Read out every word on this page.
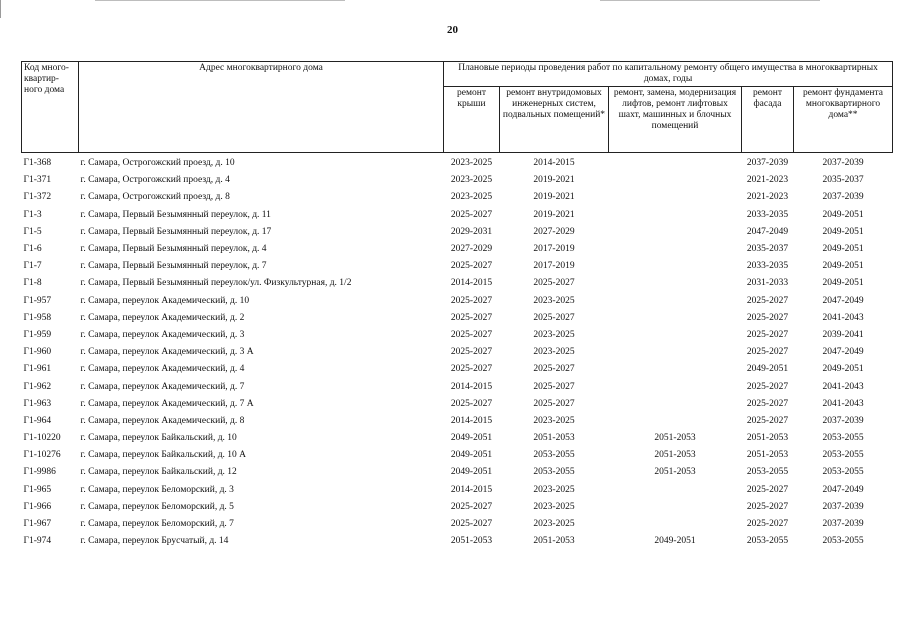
20
Код много-квартир-ного дома	Адрес многоквартирного дома	Плановые периоды проведения работ по капитальному ремонту общего имущества в многоквартирных домах, годы				
		ремонт крыши	ремонт внутридомовых инженерных систем, подвальных помещений*	ремонт, замена, модернизация лифтов, ремонт лифтовых шахт, машинных и блочных помещений	ремонт фасада	ремонт фундамента многоквартирного дома**
Г1-368	г. Самара, Острогожский проезд, д. 10	2023-2025	2014-2015		2037-2039	2037-2039
Г1-371	г. Самара, Острогожский проезд, д. 4	2023-2025	2019-2021		2021-2023	2035-2037
Г1-372	г. Самара, Острогожский проезд, д. 8	2023-2025	2019-2021		2021-2023	2037-2039
Г1-3	г. Самара, Первый Безымянный переулок, д. 11	2025-2027	2019-2021		2033-2035	2049-2051
Г1-5	г. Самара, Первый Безымянный переулок, д. 17	2029-2031	2027-2029		2047-2049	2049-2051
Г1-6	г. Самара, Первый Безымянный переулок, д. 4	2027-2029	2017-2019		2035-2037	2049-2051
Г1-7	г. Самара, Первый Безымянный переулок, д. 7	2025-2027	2017-2019		2033-2035	2049-2051
Г1-8	г. Самара, Первый Безымянный переулок/ул. Физкультурная, д. 1/2	2014-2015	2025-2027		2031-2033	2049-2051
Г1-957	г. Самара, переулок Академический, д. 10	2025-2027	2023-2025		2025-2027	2047-2049
Г1-958	г. Самара, переулок Академический, д. 2	2025-2027	2025-2027		2025-2027	2041-2043
Г1-959	г. Самара, переулок Академический, д. 3	2025-2027	2023-2025		2025-2027	2039-2041
Г1-960	г. Самара, переулок Академический, д. 3 А	2025-2027	2023-2025		2025-2027	2047-2049
Г1-961	г. Самара, переулок Академический, д. 4	2025-2027	2025-2027		2049-2051	2049-2051
Г1-962	г. Самара, переулок Академический, д. 7	2014-2015	2025-2027		2025-2027	2041-2043
Г1-963	г. Самара, переулок Академический, д. 7 А	2025-2027	2025-2027		2025-2027	2041-2043
Г1-964	г. Самара, переулок Академический, д. 8	2014-2015	2023-2025		2025-2027	2037-2039
Г1-10220	г. Самара, переулок Байкальский, д. 10	2049-2051	2051-2053	2051-2053	2051-2053	2053-2055
Г1-10276	г. Самара, переулок Байкальский, д. 10 А	2049-2051	2053-2055	2051-2053	2051-2053	2053-2055
Г1-9986	г. Самара, переулок Байкальский, д. 12	2049-2051	2053-2055	2051-2053	2053-2055	2053-2055
Г1-965	г. Самара, переулок Беломорский, д. 3	2014-2015	2023-2025		2025-2027	2047-2049
Г1-966	г. Самара, переулок Беломорский, д. 5	2025-2027	2023-2025		2025-2027	2037-2039
Г1-967	г. Самара, переулок Беломорский, д. 7	2025-2027	2023-2025		2025-2027	2037-2039
Г1-974	г. Самара, переулок Брусчатый, д. 14	2051-2053	2051-2053	2049-2051	2053-2055	2053-2055
